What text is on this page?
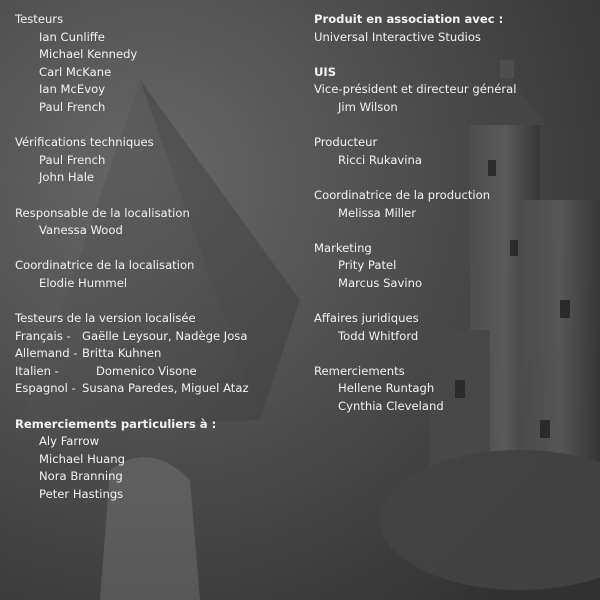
Testeurs
Ian Cunliffe
Michael Kennedy
Carl McKane
Ian McEvoy
Paul French
Vérifications techniques
Paul French
John Hale
Responsable de la localisation
Vanessa Wood
Coordinatrice de la localisation
Elodie Hummel
Testeurs de la version localisée
Français - Gaëlle Leysour, Nadège Josa
Allemand - Britta Kuhnen
Italien -	Domenico Visone
Espagnol - Susana Paredes, Miguel Ataz
Remerciements particuliers à :
Aly Farrow
Michael Huang
Nora Branning
Peter Hastings
Produit en association avec :
Universal Interactive Studios
UIS
Vice-président et directeur général
Jim Wilson
Producteur
Ricci Rukavina
Coordinatrice de la production
Melissa Miller
Marketing
Prity Patel
Marcus Savino
Affaires juridiques
Todd Whitford
Remerciements
Hellene Runtagh
Cynthia Cleveland
